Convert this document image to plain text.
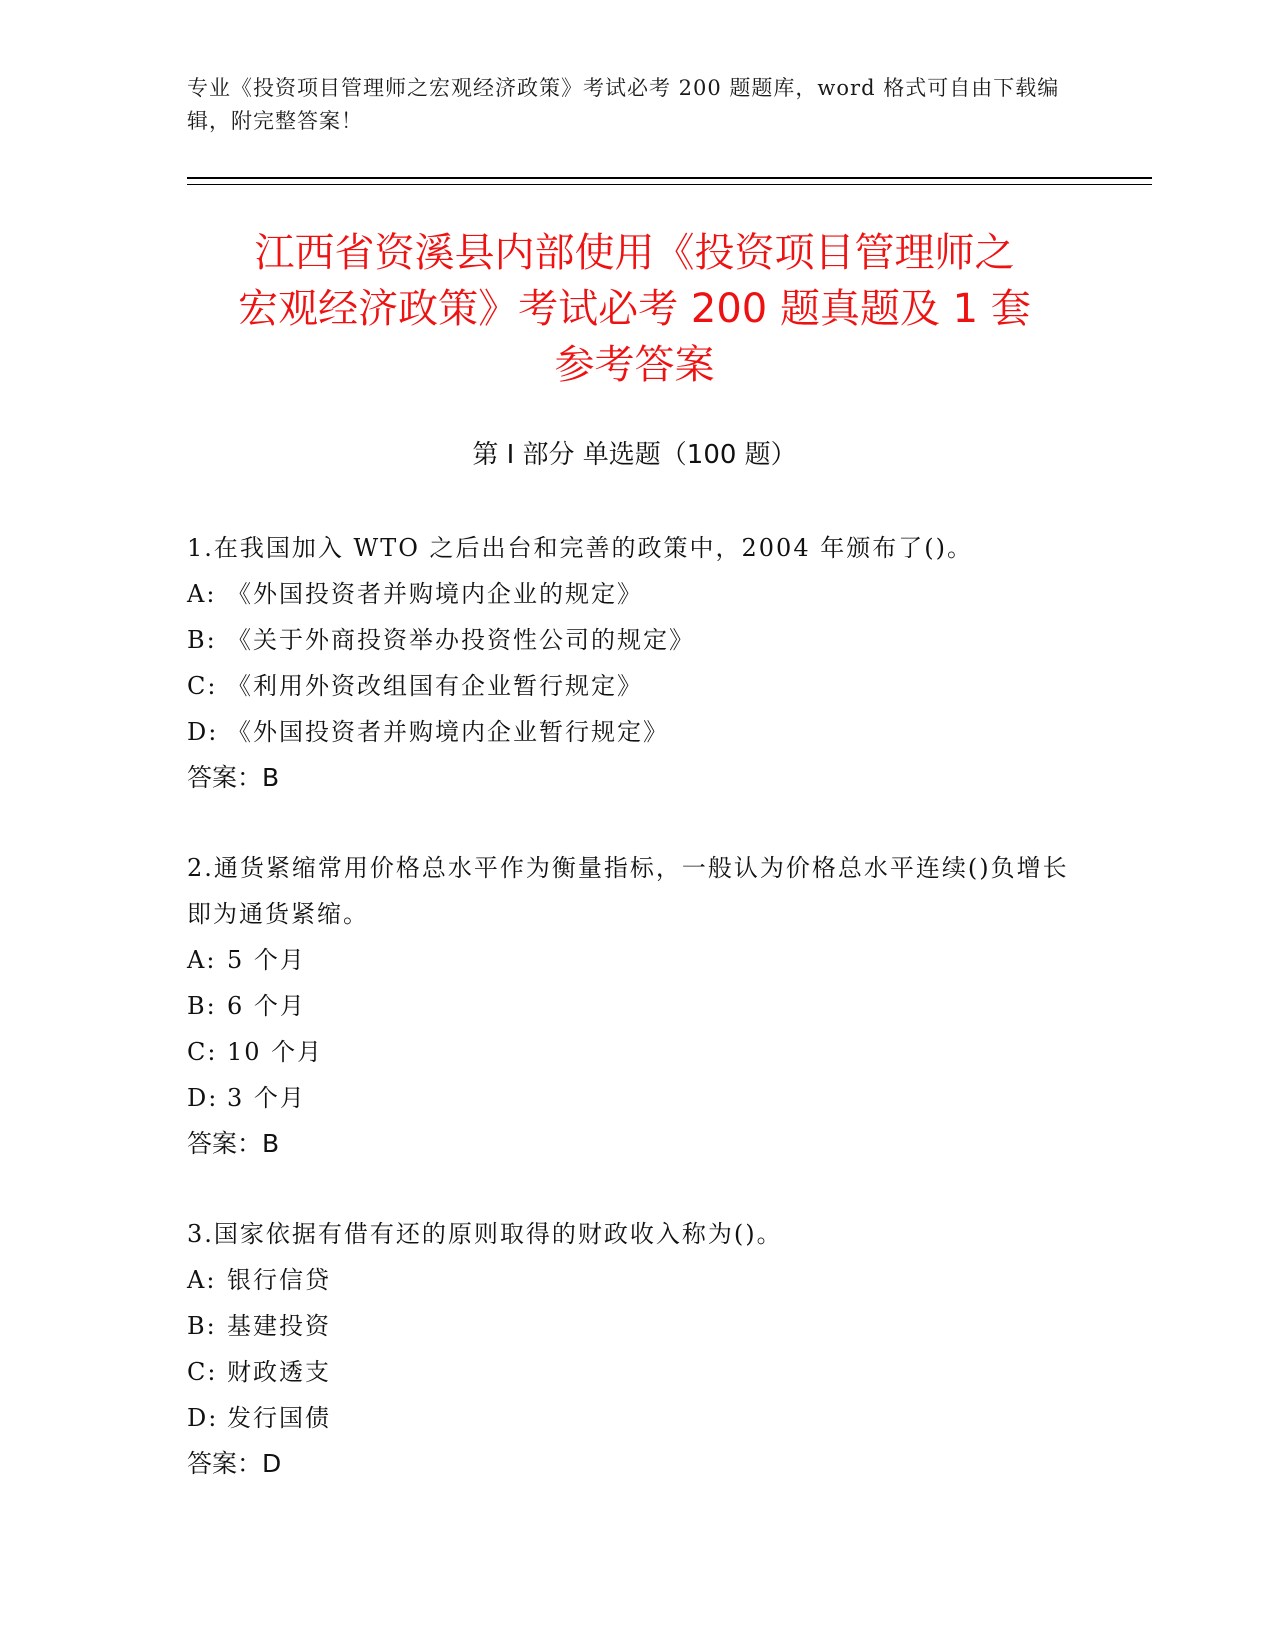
专业《投资项目管理师之宏观经济政策》考试必考 200 题题库，word 格式可自由下载编辑，附完整答案！
江西省资溪县内部使用《投资项目管理师之
宏观经济政策》考试必考 200 题真题及 1 套
参考答案
第 I 部分 单选题（100 题）
1.在我国加入 WTO 之后出台和完善的政策中，2004 年颁布了()。
A: 《外国投资者并购境内企业的规定》
B: 《关于外商投资举办投资性公司的规定》
C: 《利用外资改组国有企业暂行规定》
D: 《外国投资者并购境内企业暂行规定》
答案：B
2.通货紧缩常用价格总水平作为衡量指标，一般认为价格总水平连续()负增长即为通货紧缩。
A: 5 个月
B: 6 个月
C: 10 个月
D: 3 个月
答案：B
3.国家依据有借有还的原则取得的财政收入称为()。
A: 银行信贷
B: 基建投资
C: 财政透支
D: 发行国债
答案：D
